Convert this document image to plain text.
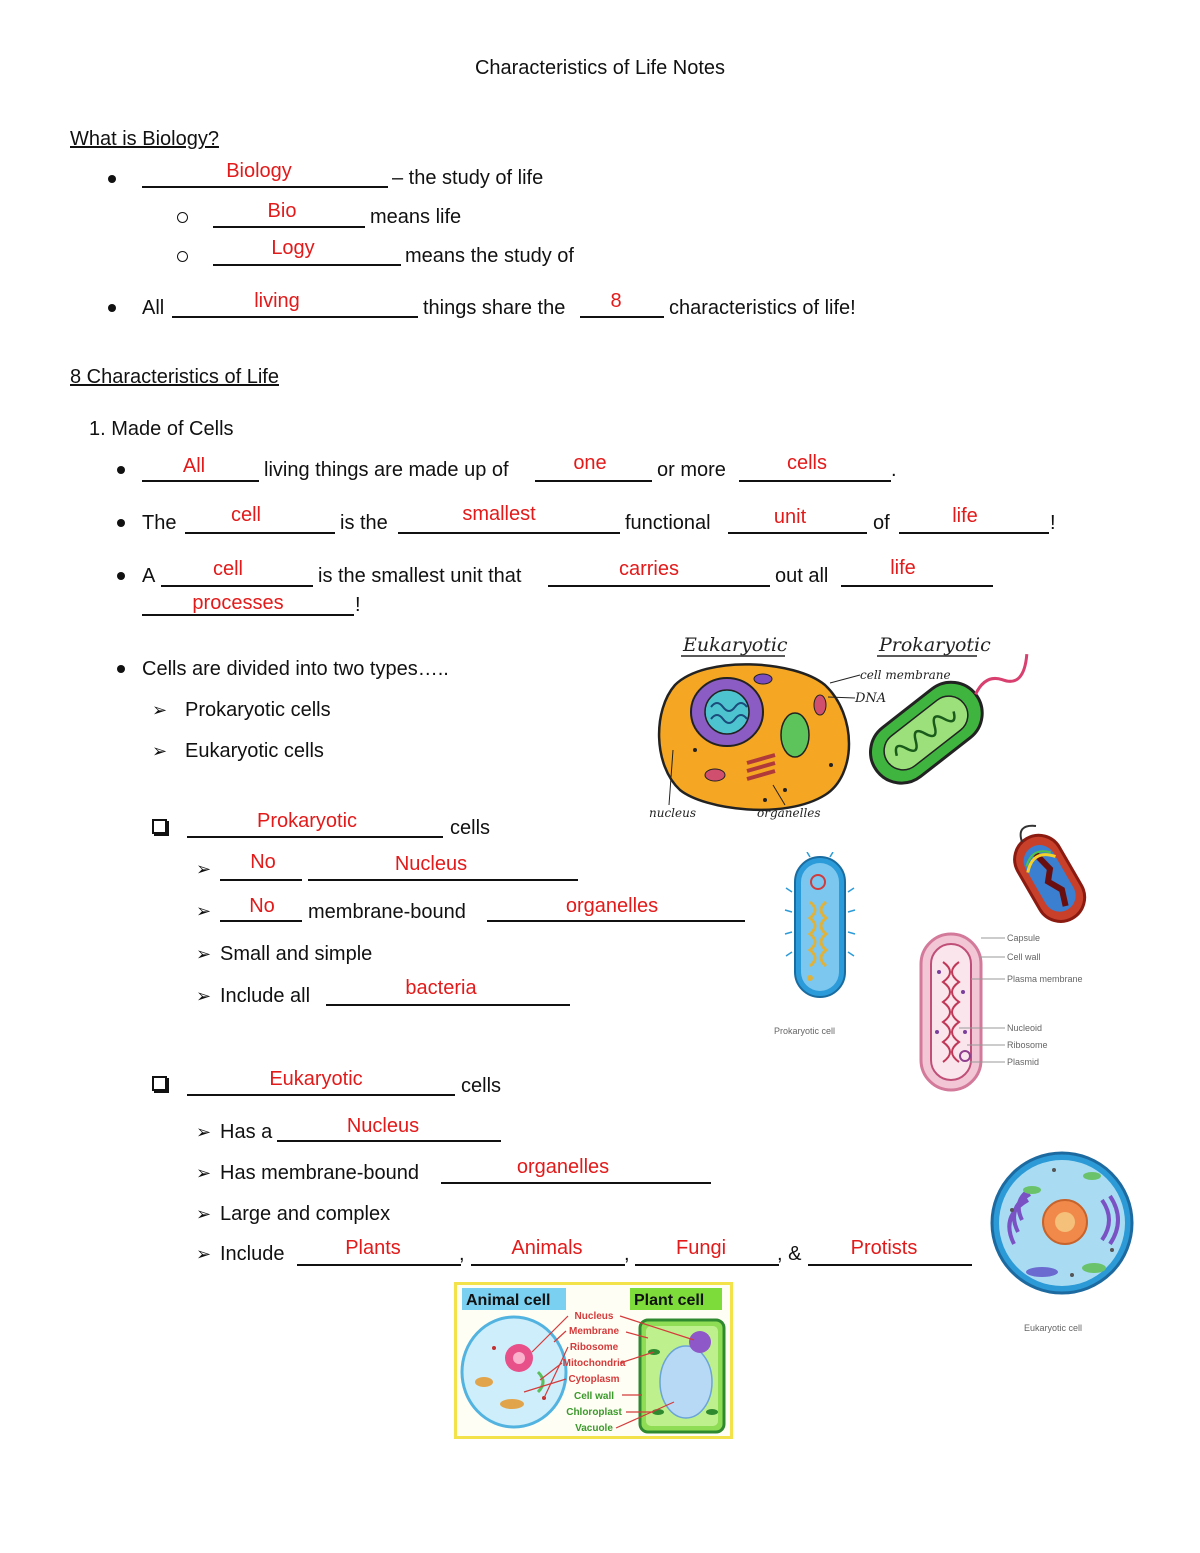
Characteristics of Life Notes
What is Biology?
Biology	– the study of life
Bio	means life
Logy	means the study of
All	living	things share the	8	characteristics of life!
8 Characteristics of Life
1. Made of Cells
All	living things are made up of	one	or more	cells	.
The	cell	is the	smallest	functional	unit	of	life	!
A	cell	is the smallest unit that	carries	out all	life
processes	!
Cells are divided into two types…..
➢ Prokaryotic cells
➢ Eukaryotic cells
Prokaryotic	cells
➢	No	Nucleus
➢	No	membrane-bound	organelles
➢ Small and simple
➢ Include all	bacteria
Eukaryotic	cells
➢ Has a	Nucleus
➢ Has membrane-bound	organelles
➢ Large and complex
➢ Include	Plants	,	Animals	,	Fungi	, &	Protists
Eukaryotic	Prokaryotic
cell membrane
DNA
nucleus	organelles
Prokaryotic cell
Capsule
Cell wall
Plasma membrane
Nucleoid
Ribosome
Plasmid
Eukaryotic cell
Animal cell	Plant cell
Nucleus
Membrane
Ribosome
Mitochondria
Cytoplasm
Cell wall
Chloroplast
Vacuole
